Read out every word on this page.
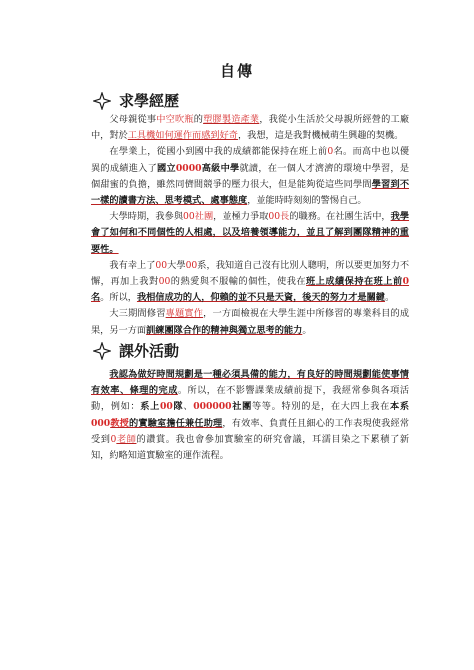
自傳
求學經歷

父母親從事中空吹瓶的塑膠製造產業，我從小生活於父母親所經營的工廠中，對於工具機如何運作而感到好奇，我想，這是我對機械萌生興趣的契機。

在學業上，從國小到國中我的成績都能保持在班上前0名。而高中也以優異的成績進入了國立0000高級中學就讀，在一個人才濟濟的環境中學習，是個甜蜜的負擔，雖然同儕間競爭的壓力很大，但是能夠從這些同學間學習到不一樣的讀書方法、思考模式、處事態度，並能時時刻刻的警惕自己。

大學時期，我參與00社團，並極力爭取00長的職務。在社團生活中，我學會了如何和不同個性的人相處，以及培養領導能力，並且了解到團隊精神的重要性。

我有幸上了00大學00系，我知道自己沒有比別人聰明，所以要更加努力不懈，再加上我對00的熱愛與不服輸的個性，使我在班上成績保持在班上前0名。所以，我相信成功的人，仰賴的並不只是天資，後天的努力才是關鍵。

大三期間修習專題實作，一方面檢視在大學生涯中所修習的專業科目的成果，另一方面訓練團隊合作的精神與獨立思考的能力。

課外活動

我認為做好時間規劃是一種必須具備的能力，有良好的時間規劃能使事情有效率、條理的完成。所以，在不影響課業成績前提下，我經常參與各項活動，例如：系上00隊、000000社團等等。特別的是，在大四上我在本系000教授的實驗室擔任兼任助理，有效率、負責任且細心的工作表現使我經常受到0老師的讚賞。我也會參加實驗室的研究會議，耳濡目染之下累積了新知，約略知道實驗室的運作流程。
